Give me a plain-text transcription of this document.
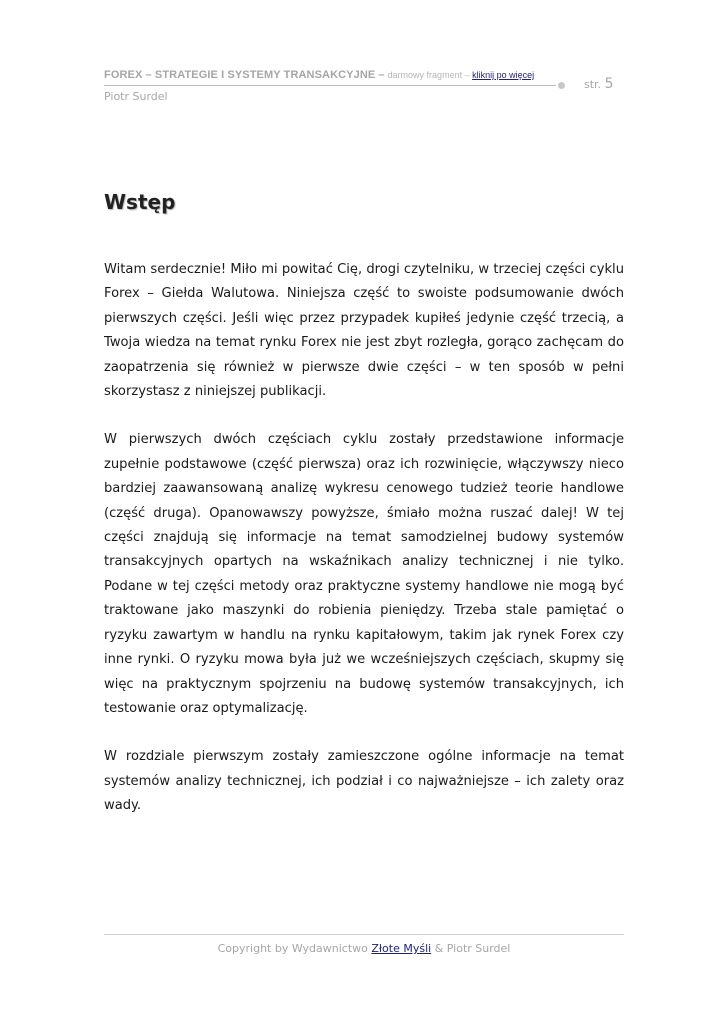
FOREX – STRATEGIE I SYSTEMY TRANSAKCYJNE – darmowy fragment – kliknij po więcej
str. 5
Piotr Surdel
Wstęp

Witam serdecznie! Miło mi powitać Cię, drogi czytelniku, w trzeciej części cyklu Forex – Giełda Walutowa. Niniejsza część to swoiste podsumowanie dwóch pierwszych części. Jeśli więc przez przypadek kupiłeś jedynie część trzecią, a Twoja wiedza na temat rynku Forex nie jest zbyt rozległa, gorąco zachęcam do zaopatrzenia się również w pierwsze dwie części – w ten sposób w pełni skorzystasz z niniejszej publikacji.

W pierwszych dwóch częściach cyklu zostały przedstawione informacje zupełnie podstawowe (część pierwsza) oraz ich rozwinięcie, włączywszy nieco bardziej zaawansowaną analizę wykresu cenowego tudzież teorie handlowe (część druga). Opanowawszy powyższe, śmiało można ruszać dalej! W tej części znajdują się informacje na temat samodzielnej budowy systemów transakcyjnych opartych na wskaźnikach analizy technicznej i nie tylko. Podane w tej części metody oraz praktyczne systemy handlowe nie mogą być traktowane jako maszynki do robienia pieniędzy. Trzeba stale pamiętać o ryzyku zawartym w handlu na rynku kapitałowym, takim jak rynek Forex czy inne rynki. O ryzyku mowa była już we wcześniejszych częściach, skupmy się więc na praktycznym spojrzeniu na budowę systemów transakcyjnych, ich testowanie oraz optymalizację.

W rozdziale pierwszym zostały zamieszczone ogólne informacje na temat systemów analizy technicznej, ich podział i co najważniejsze – ich zalety oraz wady.

Copyright by Wydawnictwo Złote Myśli & Piotr Surdel
